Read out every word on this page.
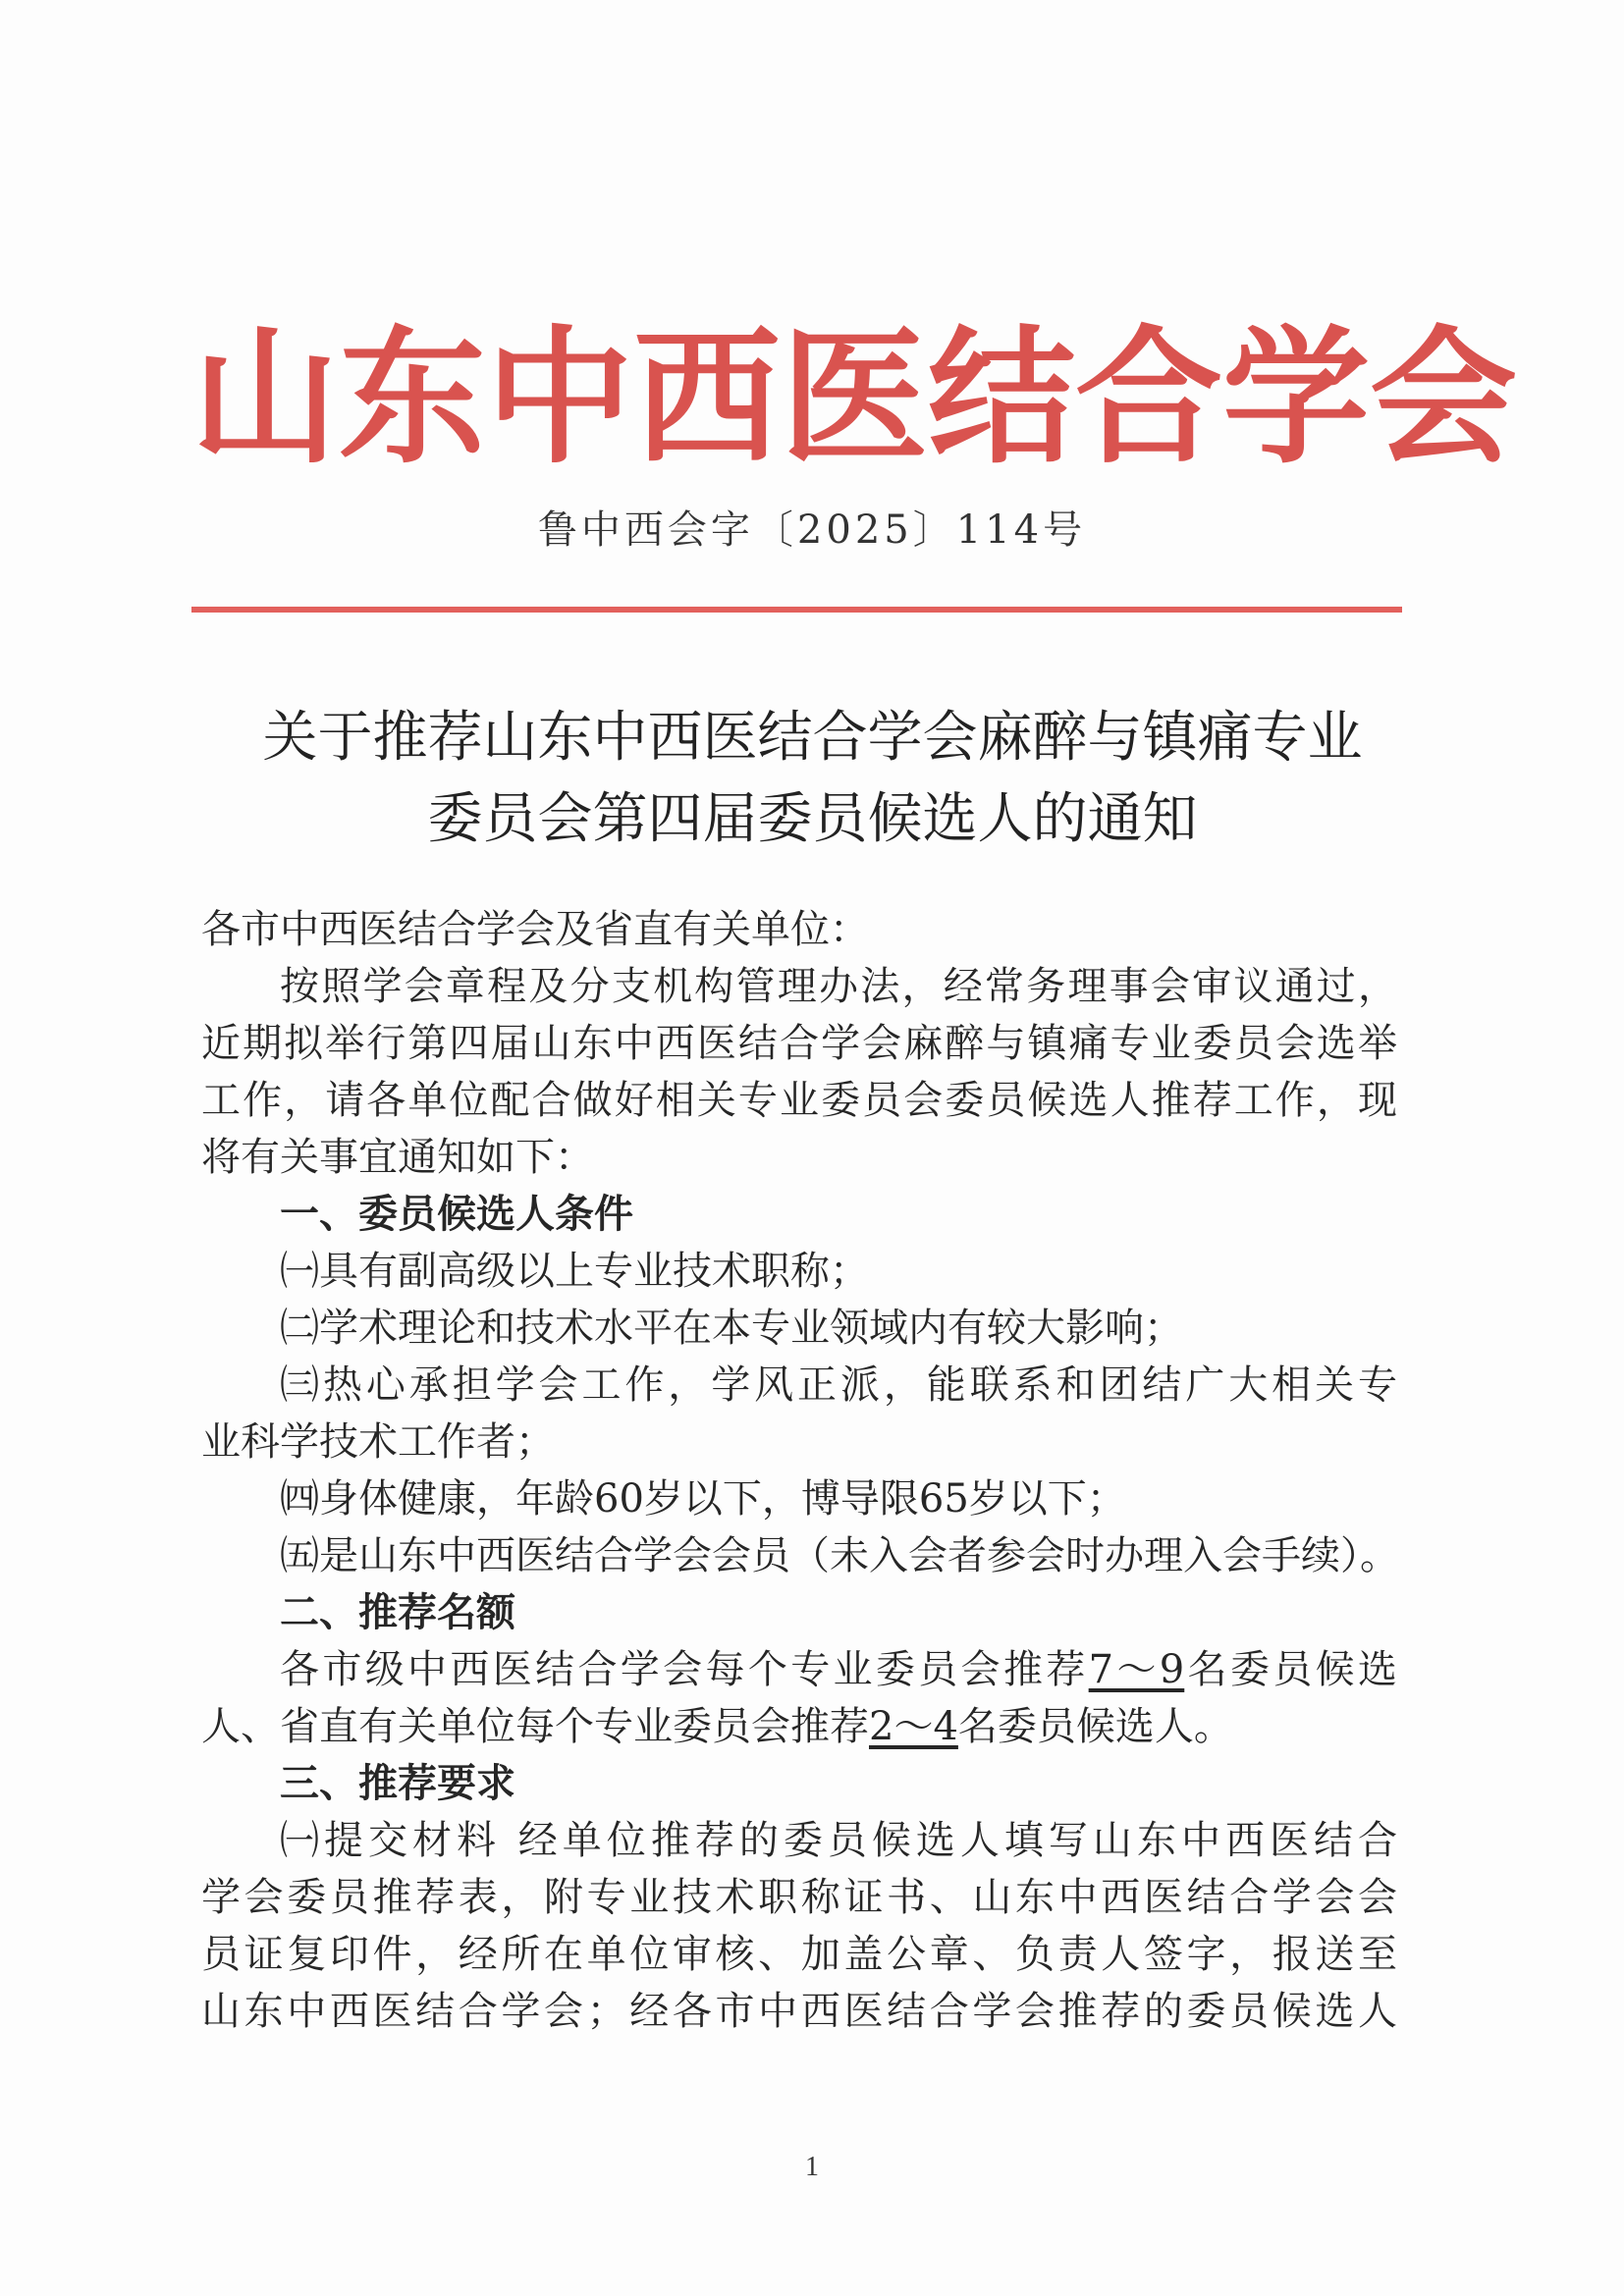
山东中西医结合学会
鲁中西会字〔2025〕114号
关于推荐山东中西医结合学会麻醉与镇痛专业
委员会第四届委员候选人的通知
各市中西医结合学会及省直有关单位：
按照学会章程及分支机构管理办法，经常务理事会审议通过，
近期拟举行第四届山东中西医结合学会麻醉与镇痛专业委员会选举
工作，请各单位配合做好相关专业委员会委员候选人推荐工作，现
将有关事宜通知如下：
一、委员候选人条件
㈠具有副高级以上专业技术职称；
㈡学术理论和技术水平在本专业领域内有较大影响；
㈢热心承担学会工作，学风正派，能联系和团结广大相关专
业科学技术工作者；
㈣身体健康，年龄60岁以下，博导限65岁以下；
㈤是山东中西医结合学会会员（未入会者参会时办理入会手续）。
二、推荐名额
各市级中西医结合学会每个专业委员会推荐7～9名委员候选
人、省直有关单位每个专业委员会推荐2～4名委员候选人。
三、推荐要求
㈠提交材料 经单位推荐的委员候选人填写山东中西医结合
学会委员推荐表，附专业技术职称证书、山东中西医结合学会会
员证复印件，经所在单位审核、加盖公章、负责人签字，报送至
山东中西医结合学会；经各市中西医结合学会推荐的委员候选人
1
